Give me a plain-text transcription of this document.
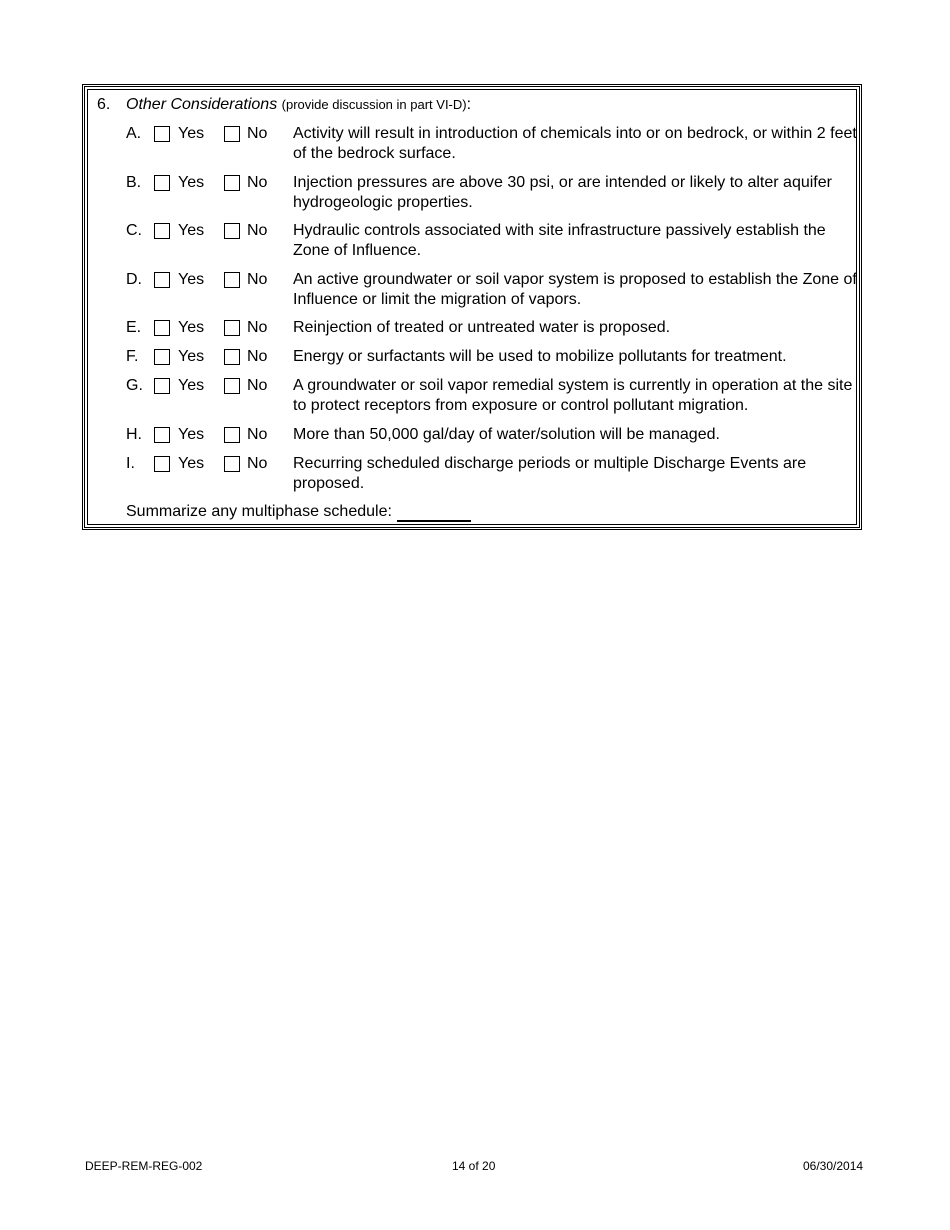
6. Other Considerations (provide discussion in part VI-D):
A. Yes	No Activity will result in introduction of chemicals into or on bedrock, or within 2 feet of the bedrock surface.
B. Yes	No Injection pressures are above 30 psi, or are intended or likely to alter aquifer hydrogeologic properties.
C. Yes	No Hydraulic controls associated with site infrastructure passively establish the Zone of Influence.
D. Yes	No An active groundwater or soil vapor system is proposed to establish the Zone of Influence or limit the migration of vapors.
E. Yes	No Reinjection of treated or untreated water is proposed.
F. Yes	No Energy or surfactants will be used to mobilize pollutants for treatment.
G. Yes	No A groundwater or soil vapor remedial system is currently in operation at the site to protect receptors from exposure or control pollutant migration.
H. Yes	No More than 50,000 gal/day of water/solution will be managed.
I.	Yes	No Recurring scheduled discharge periods or multiple Discharge Events are proposed.
Summarize any multiphase schedule:
DEEP-REM-REG-002	14 of 20	06/30/2014
